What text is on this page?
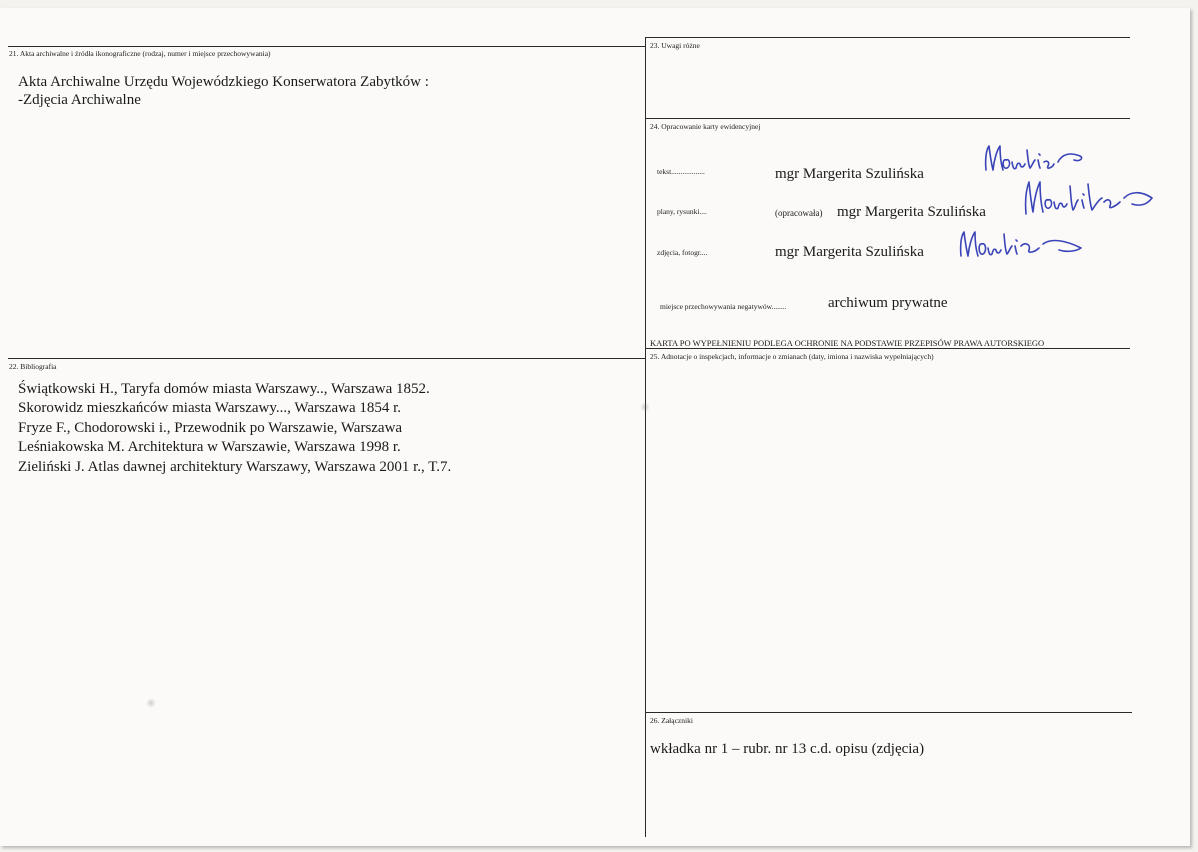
21. Akta archiwalne i źródła ikonograficzne (rodzaj, numer i miejsce przechowywania)
Akta Archiwalne Urzędu Wojewódzkiego Konserwatora Zabytków :
-Zdjęcia Archiwalne
22. Bibliografia
Świątkowski H., Taryfa domów miasta Warszawy.., Warszawa 1852.
Skorowidz mieszkańców miasta Warszawy..., Warszawa 1854 r.
Fryze F., Chodorowski i., Przewodnik po Warszawie, Warszawa
Leśniakowska M. Architektura w Warszawie, Warszawa 1998 r.
Zieliński J. Atlas dawnej architektury Warszawy, Warszawa 2001 r., T.7.
23. Uwagi różne
24. Opracowanie karty ewidencyjnej
tekst..................	mgr Margerita Szulińska
plany, rysunki....	(opracowała) mgr Margerita Szulińska
zdjęcia, fotogr....	mgr Margerita Szulińska
miejsce przechowywania negatywów........	archiwum prywatne
KARTA PO WYPEŁNIENIU PODLEGA OCHRONIE NA PODSTAWIE PRZEPISÓW PRAWA AUTORSKIEGO
25. Adnotacje o inspekcjach, informacje o zmianach (daty, imiona i nazwiska wypełniających)
26. Załączniki
wkładka nr 1 – rubr. nr 13 c.d. opisu (zdjęcia)
